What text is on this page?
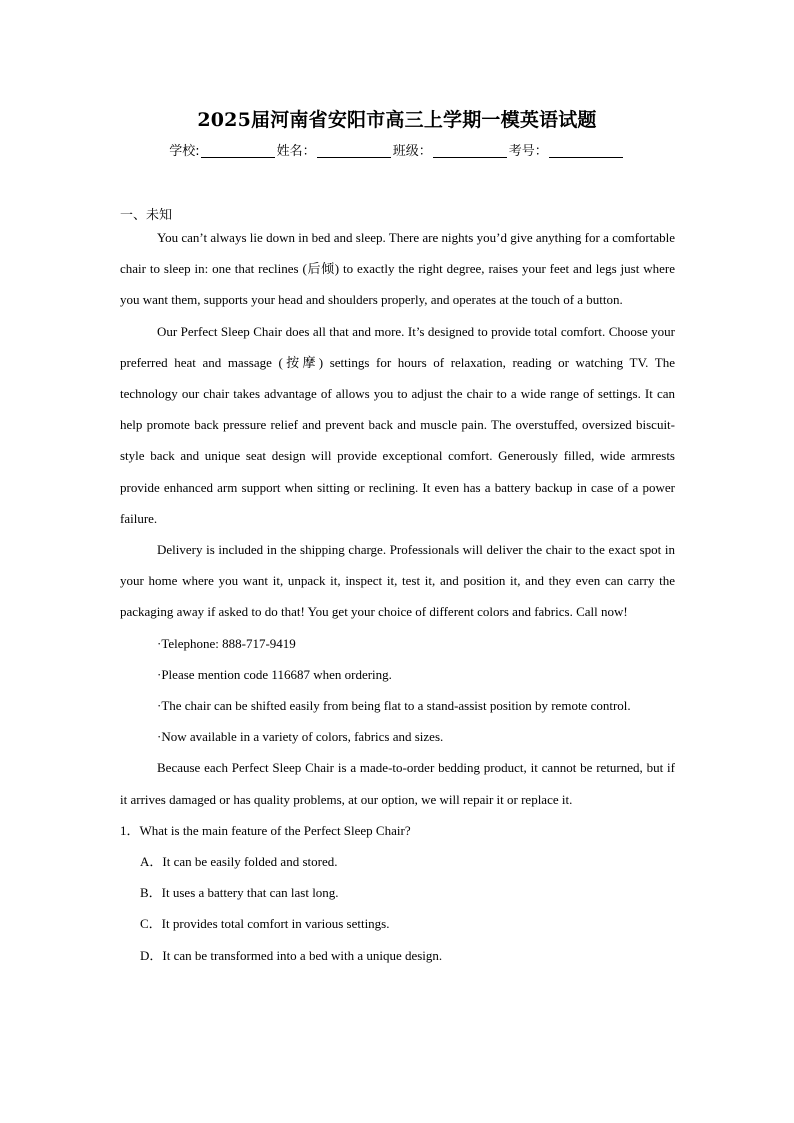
2025届河南省安阳市高三上学期一模英语试题
学校:	姓名：	班级：	考号：
一、未知

You can’t always lie down in bed and sleep. There are nights you’d give anything for a comfortable chair to sleep in: one that reclines (后倾) to exactly the right degree, raises your feet and legs just where you want them, supports your head and shoulders properly, and operates at the touch of a button.

Our Perfect Sleep Chair does all that and more. It’s designed to provide total comfort. Choose your preferred heat and massage (按摩) settings for hours of relaxation, reading or watching TV. The technology our chair takes advantage of allows you to adjust the chair to a wide range of settings. It can help promote back pressure relief and prevent back and muscle pain. The overstuffed, oversized biscuit-style back and unique seat design will provide exceptional comfort. Generously filled, wide armrests provide enhanced arm support when sitting or reclining. It even has a battery backup in case of a power failure.

Delivery is included in the shipping charge. Professionals will deliver the chair to the exact spot in your home where you want it, unpack it, inspect it, test it, and position it, and they even can carry the packaging away if asked to do that! You get your choice of different colors and fabrics. Call now!

·Telephone: 888-717-9419

·Please mention code 116687 when ordering.

·The chair can be shifted easily from being flat to a stand-assist position by remote control.

·Now available in a variety of colors, fabrics and sizes.

Because each Perfect Sleep Chair is a made-to-order bedding product, it cannot be returned, but if it arrives damaged or has quality problems, at our option, we will repair it or replace it.

1．What is the main feature of the Perfect Sleep Chair?

A．It can be easily folded and stored.

B．It uses a battery that can last long.

C．It provides total comfort in various settings.

D．It can be transformed into a bed with a unique design.
